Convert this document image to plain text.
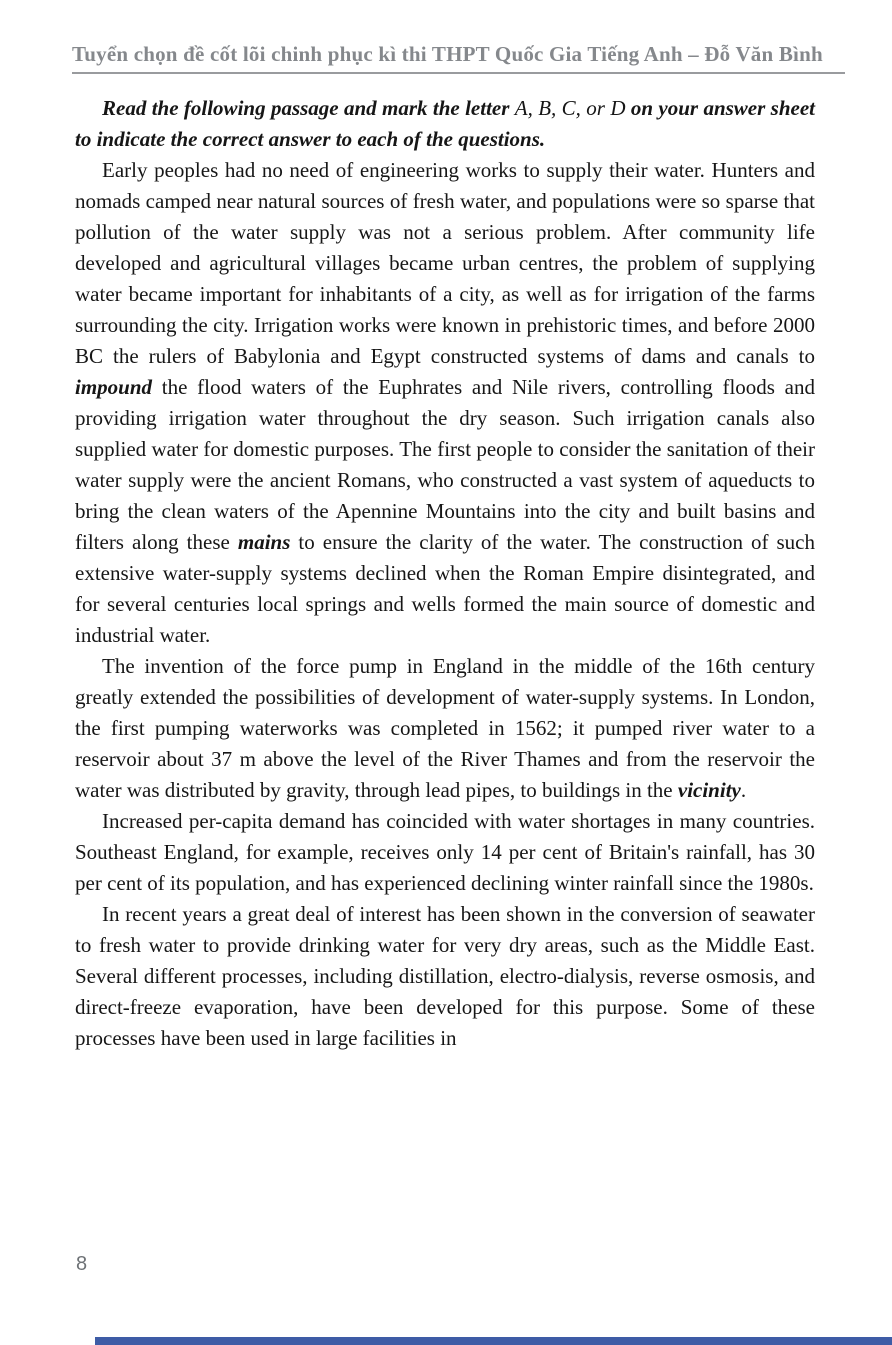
Tuyển chọn đề cốt lõi chinh phục kì thi THPT Quốc Gia Tiếng Anh – Đỗ Văn Bình

Read the following passage and mark the letter A, B, C, or D on your answer sheet to indicate the correct answer to each of the questions.

Early peoples had no need of engineering works to supply their water. Hunters and nomads camped near natural sources of fresh water, and populations were so sparse that pollution of the water supply was not a serious problem. After community life developed and agricultural villages became urban centres, the problem of supplying water became important for inhabitants of a city, as well as for irrigation of the farms surrounding the city. Irrigation works were known in prehistoric times, and before 2000 BC the rulers of Babylonia and Egypt constructed systems of dams and canals to impound the flood waters of the Euphrates and Nile rivers, controlling floods and providing irrigation water throughout the dry season. Such irrigation canals also supplied water for domestic purposes. The first people to consider the sanitation of their water supply were the ancient Romans, who constructed a vast system of aqueducts to bring the clean waters of the Apennine Mountains into the city and built basins and filters along these mains to ensure the clarity of the water. The construction of such extensive water-supply systems declined when the Roman Empire disintegrated, and for several centuries local springs and wells formed the main source of domestic and industrial water.

The invention of the force pump in England in the middle of the 16th century greatly extended the possibilities of development of water-supply systems. In London, the first pumping waterworks was completed in 1562; it pumped river water to a reservoir about 37 m above the level of the River Thames and from the reservoir the water was distributed by gravity, through lead pipes, to buildings in the vicinity.

Increased per-capita demand has coincided with water shortages in many countries. Southeast England, for example, receives only 14 per cent of Britain's rainfall, has 30 per cent of its population, and has experienced declining winter rainfall since the 1980s.

In recent years a great deal of interest has been shown in the conversion of seawater to fresh water to provide drinking water for very dry areas, such as the Middle East. Several different processes, including distillation, electro-dialysis, reverse osmosis, and direct-freeze evaporation, have been developed for this purpose. Some of these processes have been used in large facilities in

8
